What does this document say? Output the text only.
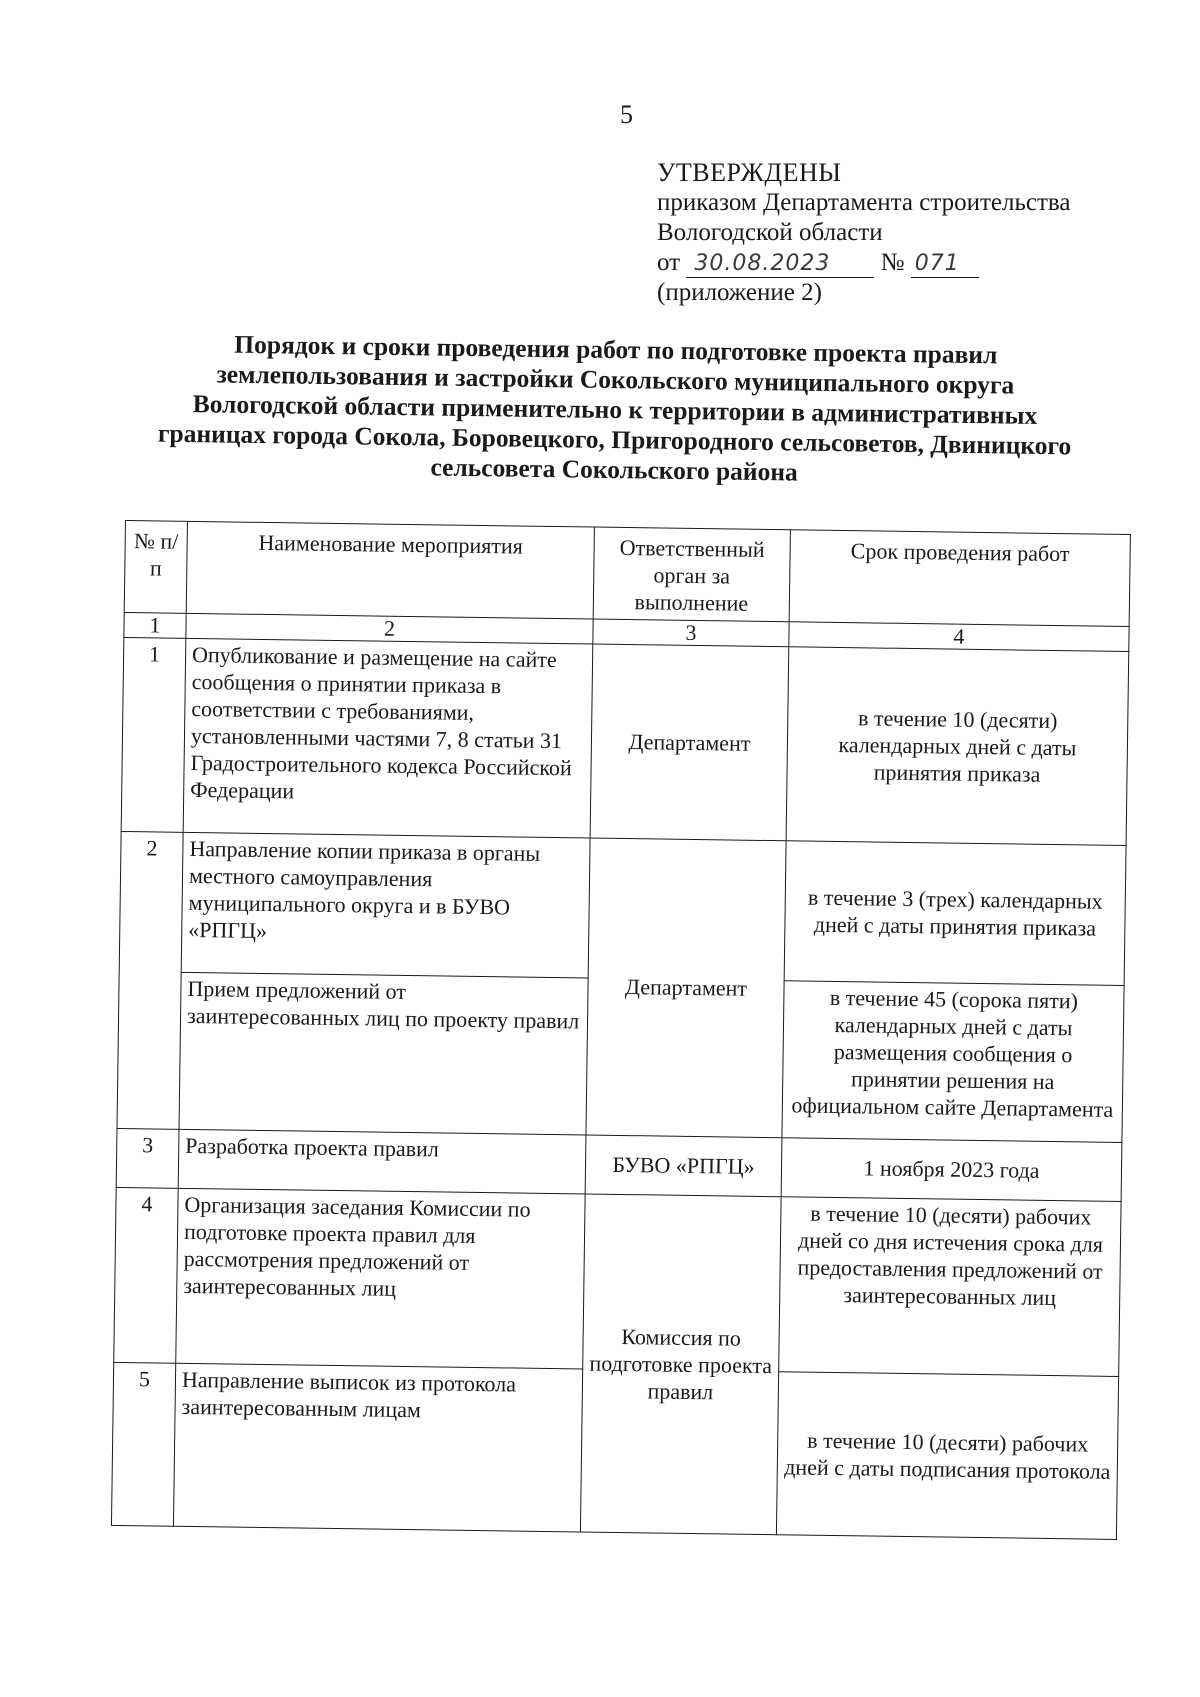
5
УТВЕРЖДЕНЫ
приказом Департамента строительства
Вологодской области
от 30.08.2023 № 071
(приложение 2)
Порядок и сроки проведения работ по подготовке проекта правил
землепользования и застройки Сокольского муниципального округа
Вологодской области применительно к территории в административных
границах города Сокола, Боровецкого, Пригородного сельсоветов, Двиницкого
сельсовета Сокольского района
№ п/п	Наименование мероприятия	Ответственный орган за выполнение	Срок проведения работ
1	2	3	4
1	Опубликование и размещение на сайте сообщения о принятии приказа в соответствии с требованиями, установленными частями 7, 8 статьи 31 Градостроительного кодекса Российской Федерации	Департамент	в течение 10 (десяти) календарных дней с даты принятия приказа
2	Направление копии приказа в органы местного самоуправления муниципального округа и в БУВО «РПГЦ»	Департамент	в течение 3 (трех) календарных дней с даты принятия приказа
	Прием предложений от заинтересованных лиц по проекту правил		в течение 45 (сорока пяти) календарных дней с даты размещения сообщения о принятии решения на официальном сайте Департамента
3	Разработка проекта правил	БУВО «РПГЦ»	1 ноября 2023 года
4	Организация заседания Комиссии по подготовке проекта правил для рассмотрения предложений от заинтересованных лиц	Комиссия по подготовке проекта правил	в течение 10 (десяти) рабочих дней со дня истечения срока для предоставления предложений от заинтересованных лиц
5	Направление выписок из протокола заинтересованным лицам		в течение 10 (десяти) рабочих дней с даты подписания протокола
